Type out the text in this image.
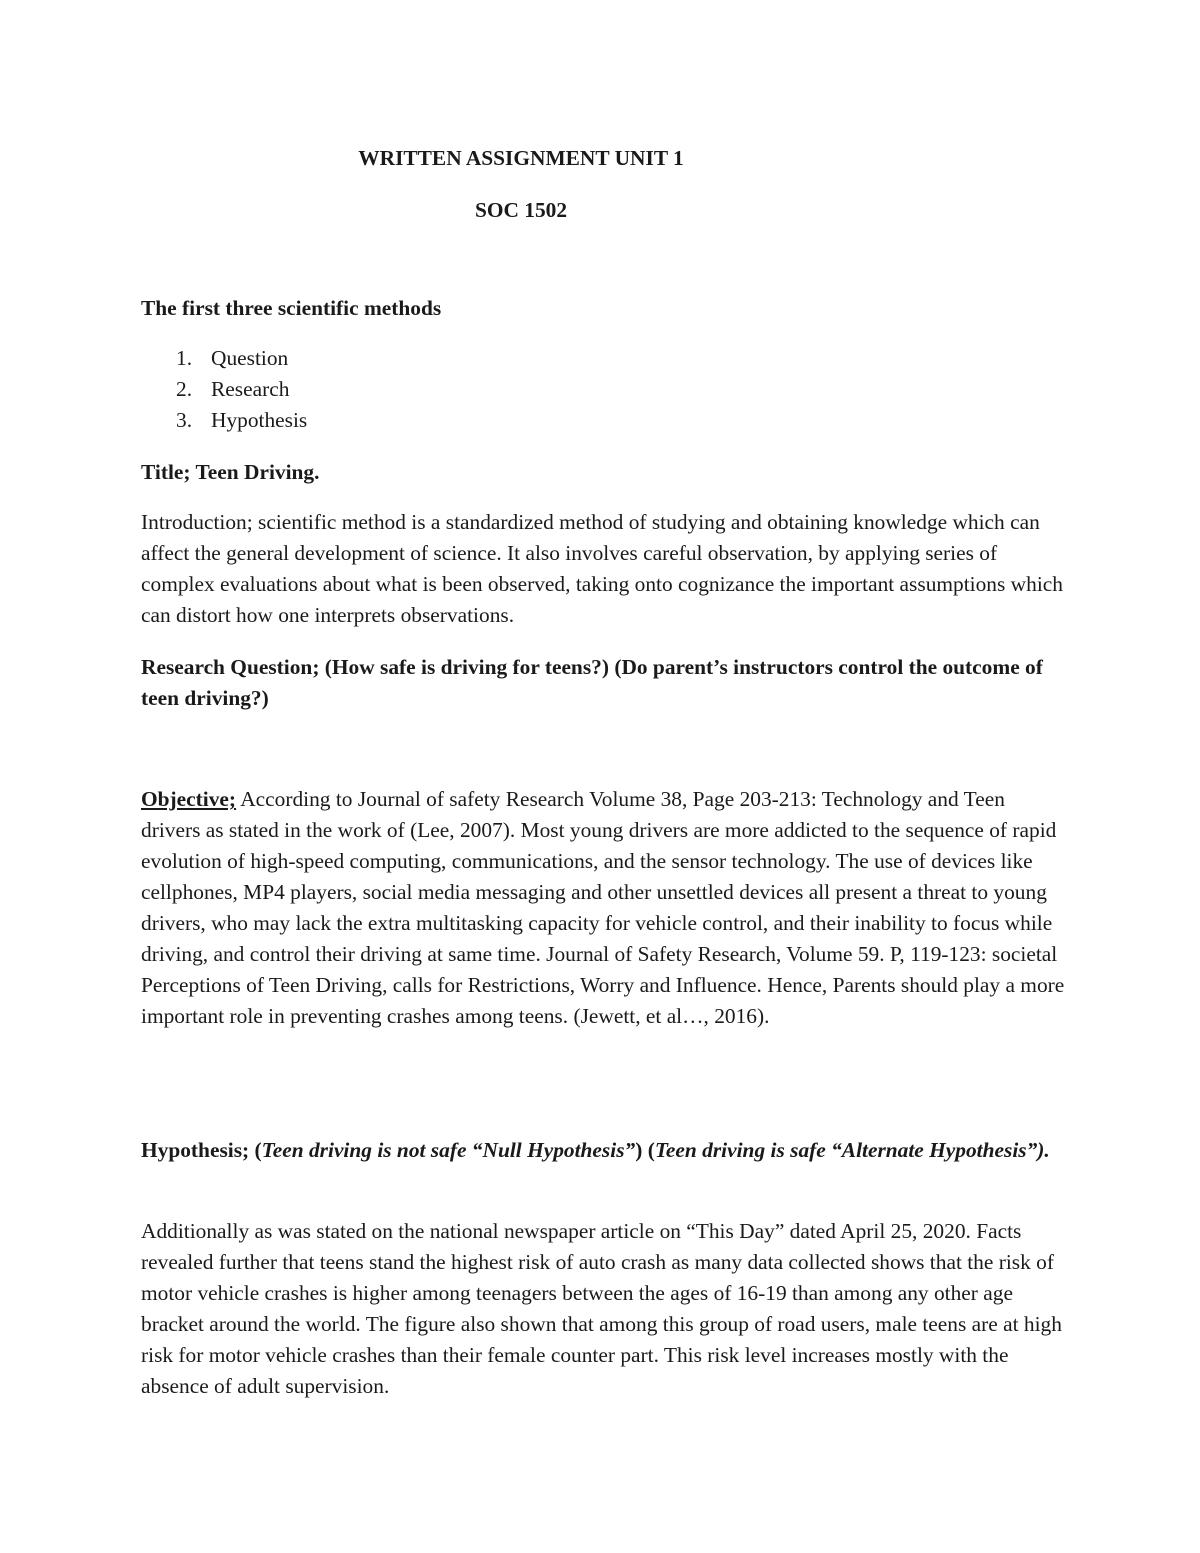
WRITTEN ASSIGNMENT UNIT 1
SOC 1502
The first three scientific methods
1. Question
2. Research
3. Hypothesis
Title; Teen Driving.

Introduction; scientific method is a standardized method of studying and obtaining knowledge which can affect the general development of science. It also involves careful observation, by applying series of complex evaluations about what is been observed, taking onto cognizance the important assumptions which can distort how one interprets observations.

Research Question; (How safe is driving for teens?) (Do parent’s instructors control the outcome of teen driving?)

Objective; According to Journal of safety Research Volume 38, Page 203-213: Technology and Teen drivers as stated in the work of (Lee, 2007). Most young drivers are more addicted to the sequence of rapid evolution of high-speed computing, communications, and the sensor technology. The use of devices like cellphones, MP4 players, social media messaging and other unsettled devices all present a threat to young drivers, who may lack the extra multitasking capacity for vehicle control, and their inability to focus while driving, and control their driving at same time. Journal of Safety Research, Volume 59. P, 119-123: societal Perceptions of Teen Driving, calls for Restrictions, Worry and Influence. Hence, Parents should play a more important role in preventing crashes among teens. (Jewett, et al…, 2016).

Hypothesis; (Teen driving is not safe “Null Hypothesis”) (Teen driving is safe “Alternate Hypothesis”).

Additionally as was stated on the national newspaper article on “This Day” dated April 25, 2020. Facts revealed further that teens stand the highest risk of auto crash as many data collected shows that the risk of motor vehicle crashes is higher among teenagers between the ages of 16-19 than among any other age bracket around the world. The figure also shown that among this group of road users, male teens are at high risk for motor vehicle crashes than their female counter part. This risk level increases mostly with the absence of adult supervision.
